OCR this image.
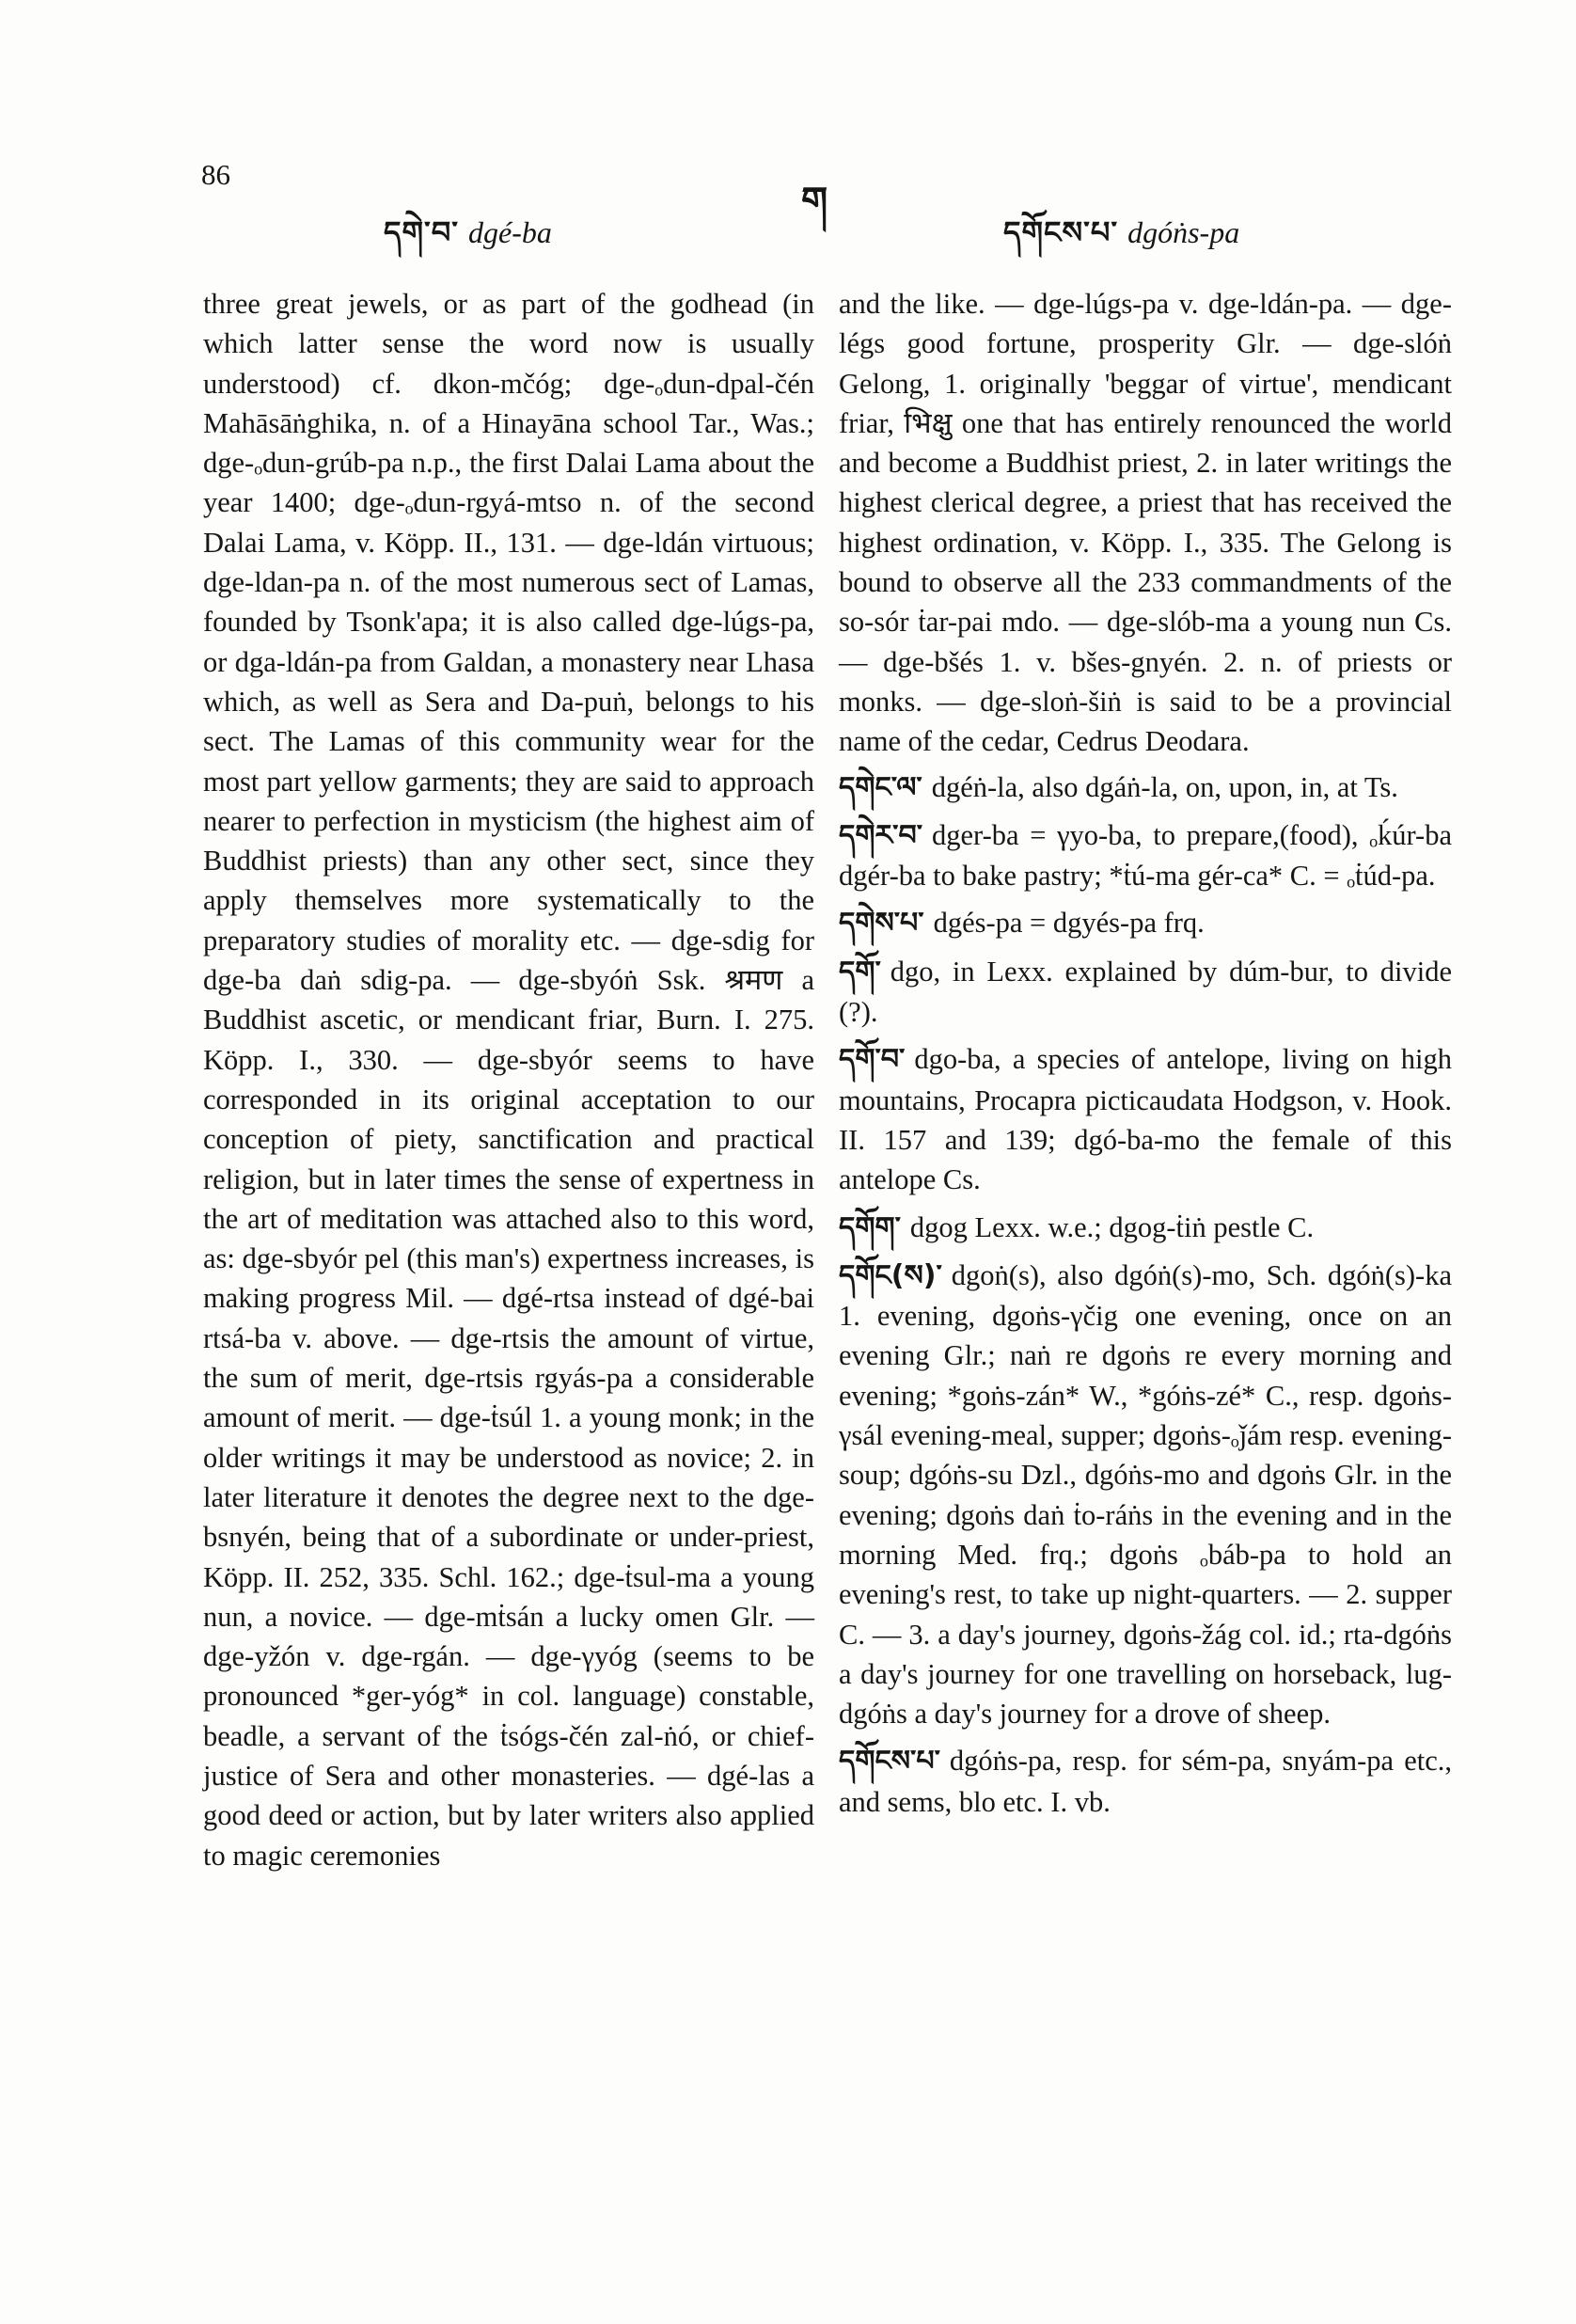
86
དགེ་བ་ dgé-ba
ག
དགོངས་པ་ dgóṅs-pa

three great jewels, or as part of the godhead (in which latter sense the word now is usually understood) cf. dkon-mčóg; dge-ₒdun-dpal-čén Mahāsāṅghika, n. of a Hinayāna school Tar., Was.; dge-ₒdun-grúb-pa n.p., the first Dalai Lama about the year 1400; dge-ₒdun-rgyá-mtso n. of the second Dalai Lama, v. Köpp. II., 131. — dge-ldán virtuous; dge-ldan-pa n. of the most numerous sect of Lamas, founded by Tsonk'apa; it is also called dge-lúgs-pa, or dga-ldán-pa from Galdan, a monastery near Lhasa which, as well as Sera and Da-puṅ, belongs to his sect. The Lamas of this community wear for the most part yellow garments; they are said to approach nearer to perfection in mysticism (the highest aim of Buddhist priests) than any other sect, since they apply themselves more systematically to the preparatory studies of morality etc. — dge-sdig for dge-ba daṅ sdig-pa. — dge-sbyóṅ Ssk. श्रमण a Buddhist ascetic, or mendicant friar, Burn. I. 275. Köpp. I., 330. — dge-sbyór seems to have corresponded in its original acceptation to our conception of piety, sanctification and practical religion, but in later times the sense of expertness in the art of meditation was attached also to this word, as: dge-sbyór pel (this man's) expertness increases, is making progress Mil. — dgé-rtsa instead of dgé-bai rtsá-ba v. above. — dge-rtsis the amount of virtue, the sum of merit, dge-rtsis rgyás-pa a considerable amount of merit. — dge-ṫsúl 1. a young monk; in the older writings it may be understood as novice; 2. in later literature it denotes the degree next to the dge-bsnyén, being that of a subordinate or under-priest, Köpp. II. 252, 335. Schl. 162.; dge-ṫsul-ma a young nun, a novice. — dge-mṫsán a lucky omen Glr. — dge-yžón v. dge-rgán. — dge-γyóg (seems to be pronounced *ger-yóg* in col. language) constable, beadle, a servant of the ṫsógs-čén zal-ṅó, or chief-justice of Sera and other monasteries. — dgé-las a good deed or action, but by later writers also applied to magic ceremonies

and the like. — dge-lúgs-pa v. dge-ldán-pa. — dge-légs good fortune, prosperity Glr. — dge-slóṅ Gelong, 1. originally 'beggar of virtue', mendicant friar, भिक्षु one that has entirely renounced the world and become a Buddhist priest, 2. in later writings the highest clerical degree, a priest that has received the highest ordination, v. Köpp. I., 335. The Gelong is bound to observe all the 233 commandments of the so-sór ṫar-pai mdo. — dge-slób-ma a young nun Cs. — dge-bšés 1. v. bšes-gnyén. 2. n. of priests or monks. — dge-sloṅ-šiṅ is said to be a provincial name of the cedar, Cedrus Deodara.

དགེང་ལ་ dgéṅ-la, also dgáṅ-la, on, upon, in, at Ts.
དགེར་བ་ dger-ba = γyo-ba, to prepare,(food), ₒḱúr-ba dgér-ba to bake pastry; *ṫú-ma gér-ca* C. = ₒṫúd-pa.
དགེས་པ་ dgés-pa = dgyés-pa frq.
དགོ་ dgo, in Lexx. explained by dúm-bur, to divide (?).
དགོ་བ་ dgo-ba, a species of antelope, living on high mountains, Procapra picticaudata Hodgson, v. Hook. II. 157 and 139; dgó-ba-mo the female of this antelope Cs.
དགོག་ dgog Lexx. w.e.; dgog-ṫiṅ pestle C.
དགོང(ས)་ dgoṅ(s), also dgóṅ(s)-mo, Sch. dgóṅ(s)-ka 1. evening, dgoṅs-γčig one evening, once on an evening Glr.; naṅ re dgoṅs re every morning and evening; *goṅs-zán* W., *góṅs-zé* C., resp. dgoṅs-γsál evening-meal, supper; dgoṅs-ₒǰám resp. evening-soup; dgóṅs-su Dzl., dgóṅs-mo and dgoṅs Glr. in the evening; dgoṅs daṅ ṫo-ráṅs in the evening and in the morning Med. frq.; dgoṅs ₒbáb-pa to hold an evening's rest, to take up night-quarters. — 2. supper C. — 3. a day's journey, dgoṅs-žág col. id.; rta-dgóṅs a day's journey for one travelling on horseback, lug-dgóṅs a day's journey for a drove of sheep.
དགོངས་པ་ dgóṅs-pa, resp. for sém-pa, snyám-pa etc., and sems, blo etc. I. vb.
